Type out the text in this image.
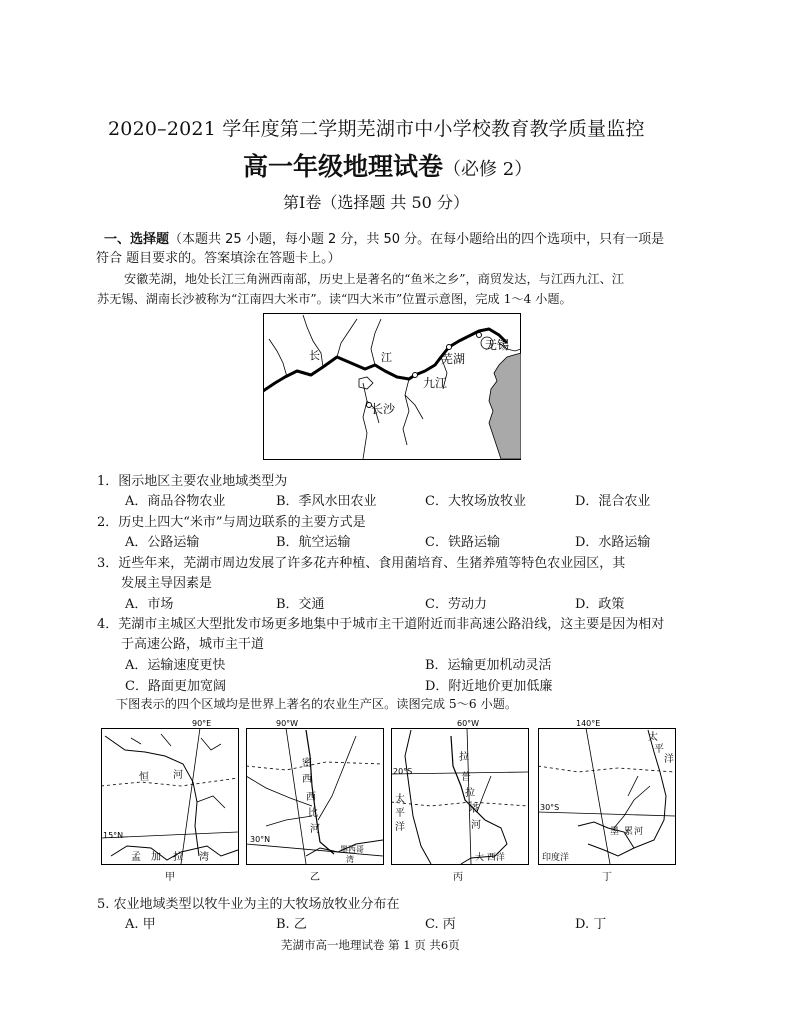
2020–2021 学年度第二学期芜湖市中小学校教育教学质量监控
高一年级地理试卷（必修 2）
第Ⅰ卷（选择题 共 50 分）
一、选择题（本题共 25 小题，每小题 2 分，共 50 分。在每小题给出的四个选项中，只有一项是
符合 题目要求的。答案填涂在答题卡上。）
安徽芜湖，地处长江三角洲西南部，历史上是著名的“鱼米之乡”，商贸发达，与江西九江、江
苏无锡、湖南长沙被称为“江南四大米市”。读“四大米市”位置示意图，完成 1～4 小题。
长	江	芜湖
无锡
九江
长沙
1．图示地区主要农业地域类型为
A．商品谷物农业	B．季风水田农业	C．大牧场放牧业	D．混合农业
2．历史上四大“米市”与周边联系的主要方式是
A．公路运输	B．航空运输	C．铁路运输	D．水路运输
3．近些年来，芜湖市周边发展了许多花卉种植、食用菌培育、生猪养殖等特色农业园区，其
发展主导因素是
A．市场	B．交通	C．劳动力	D．政策
4．芜湖市主城区大型批发市场更多地集中于城市主干道附近而非高速公路沿线，这主要是因为相对
于高速公路，城市主干道
A．运输速度更快	B．运输更加机动灵活
C．路面更加宽阔	D．附近地价更加低廉
下图表示的四个区域均是世界上著名的农业生产区。读图完成 5～6 小题。
90°E
恒 河
15°N
孟 加 拉 湾
甲
90°W
密
西
西
比
河
30°N
墨西哥
湾
乙
60°W
20°S
拉
普
拉
塔
河
太
平
洋
大 西洋
丙
140°E
太
平
洋
30°S
墨 累 河
印度洋
丁
5. 农业地域类型以牧牛业为主的大牧场放牧业分布在
A. 甲	B. 乙	C. 丙	D. 丁
芜湖市高一地理试卷 第 1 页 共6页
